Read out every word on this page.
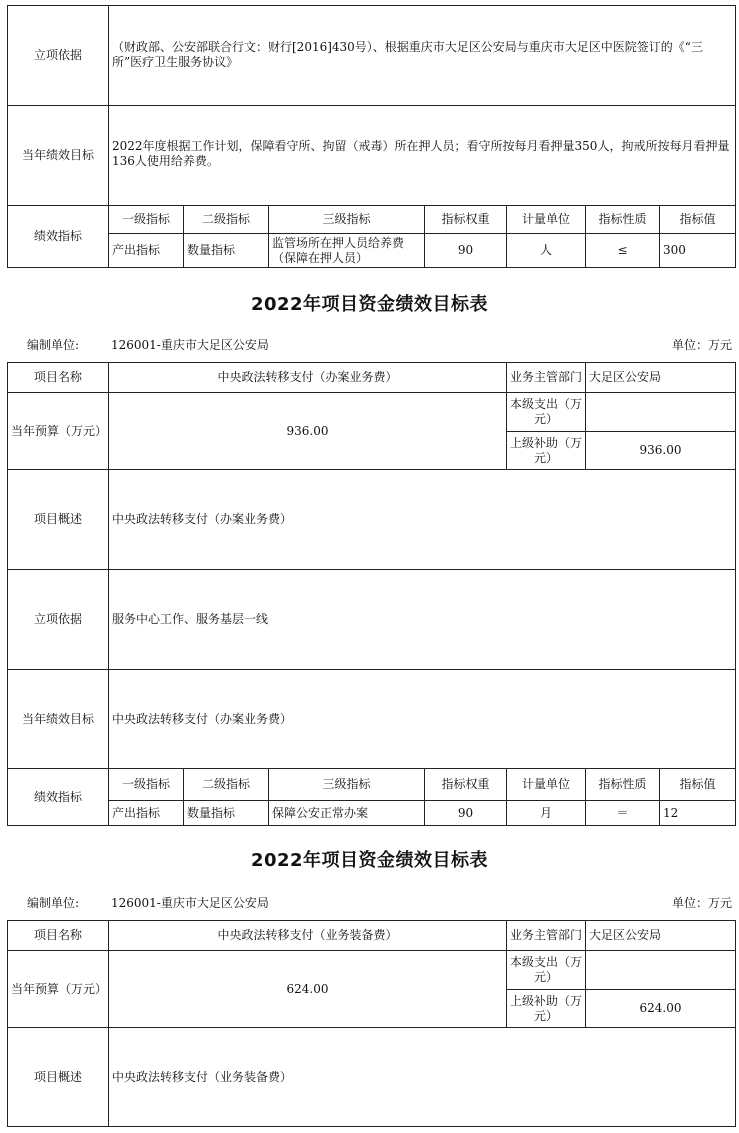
立项依据	（财政部、公安部联合行文：财行[2016]430号）、根据重庆市大足区公安局与重庆市大足区中医院签订的《“三所”医疗卫生服务协议》						
当年绩效目标	2022年度根据工作计划，保障看守所、拘留（戒毒）所在押人员；看守所按每月看押量350人，拘戒所按每月看押量136人使用给养费。						
绩效指标	一级指标	二级指标	三级指标	指标权重	计量单位	指标性质	指标值
	产出指标	数量指标	监管场所在押人员给养费（保障在押人员）	90	人	≤	300
2022年项目资金绩效目标表
编制单位:	126001-重庆市大足区公安局	单位：万元
项目名称	中央政法转移支付（办案业务费）				业务主管部门	大足区公安局	
当年预算（万元）	936.00				本级支出（万元）		
					上级补助（万元）	936.00	
项目概述	中央政法转移支付（办案业务费）						
立项依据	服务中心工作、服务基层一线						
当年绩效目标	中央政法转移支付（办案业务费）						
绩效指标	一级指标	二级指标	三级指标	指标权重	计量单位	指标性质	指标值
	产出指标	数量指标	保障公安正常办案	90	月	＝	12
2022年项目资金绩效目标表
编制单位:	126001-重庆市大足区公安局	单位：万元
项目名称	中央政法转移支付（业务装备费）	业务主管部门	大足区公安局
当年预算（万元）	624.00	本级支出（万元）	
		上级补助（万元）	624.00
项目概述	中央政法转移支付（业务装备费）		
